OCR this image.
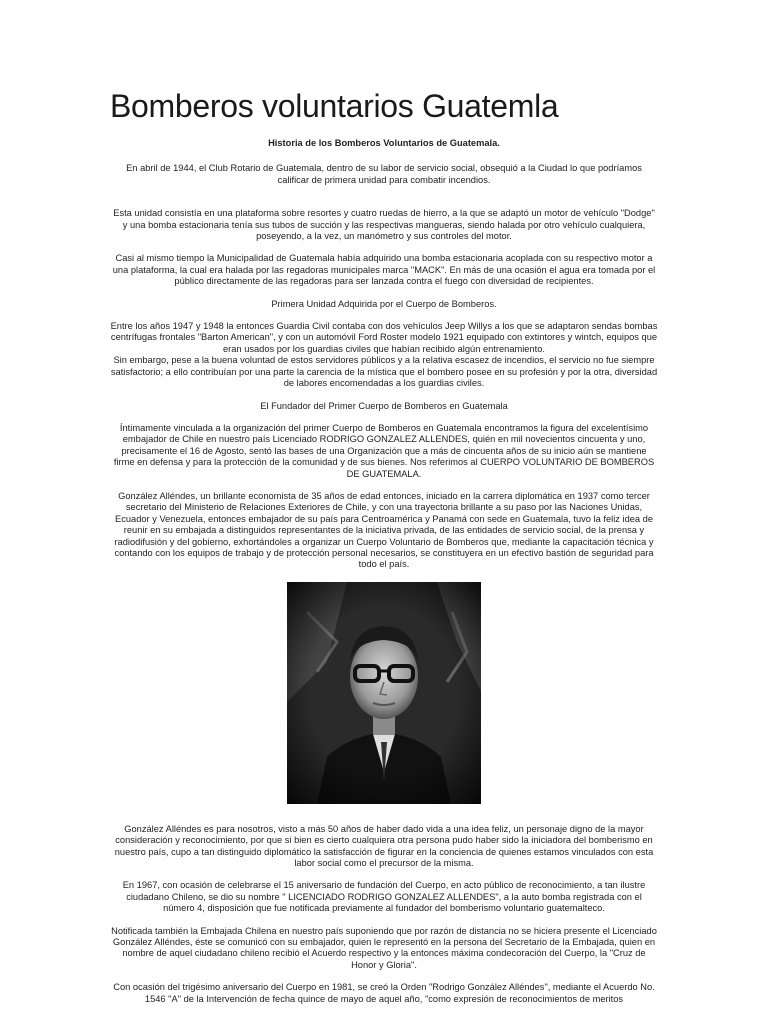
Bomberos voluntarios Guatemla

Historia de los Bomberos Voluntarios de Guatemala.

En abril de 1944, el Club Rotario de Guatemala, dentro de su labor de servicio social, obsequió a la Ciudad lo que podríamos calificar de primera unidad para combatir incendios.

Esta unidad consistía en una plataforma sobre resortes y cuatro ruedas de hierro, a la que se adaptó un motor de vehículo "Dodge" y una bomba estacionaria tenía sus tubos de succión y las respectivas mangueras, siendo halada por otro vehículo cualquiera, poseyendo, a la vez, un manómetro y sus controles del motor.

Casi al mismo tiempo la Municipalidad de Guatemala había adquirido una bomba estacionaria acoplada con su respectivo motor a una plataforma, la cual era halada por las regadoras municipales marca "MACK". En más de una ocasión el agua era tomada por el público directamente de las regadoras para ser lanzada contra el fuego con diversidad de recipientes.

Primera Unidad Adquirida por el Cuerpo de Bomberos.

Entre los años 1947 y 1948 la entonces Guardia Civil contaba con dos vehículos Jeep Willys a los que se adaptaron sendas bombas centrífugas frontales "Barton American", y con un automóvil Ford Roster modelo 1921 equipado con extintores y wintch, equipos que eran usados por los guardias civiles que habían recibido algún entrenamiento.

Sin embargo, pese a la buena voluntad de estos servidores públicos y a la relativa escasez de incendios, el servicio no fue siempre satisfactorio; a ello contribuían por una parte la carencia de la mística que el bombero posee en su profesión y por la otra, diversidad de labores encomendadas a los guardias civiles.

El Fundador del Primer Cuerpo de Bomberos en Guatemala

Íntimamente vinculada a la organización del primer Cuerpo de Bomberos en Guatemala encontramos la figura del excelentísimo embajador de Chile en nuestro país Licenciado RODRIGO GONZALEZ ALLENDES, quién en mil novecientos cincuenta y uno, precisamente el 16 de Agosto, sentó las bases de una Organización que a más de cincuenta años de su inicio aún se mantiene firme en defensa y para la protección de la comunidad y de sus bienes. Nos referimos al CUERPO VOLUNTARIO DE BOMBEROS DE GUATEMALA.

González Alléndes, un brillante economista de 35 años de edad entonces, iniciado en la carrera diplomática en 1937 como tercer secretario del Ministerio de Relaciones Exteriores de Chile, y con una trayectoria brillante a su paso por las Naciones Unidas, Ecuador y Venezuela, entonces embajador de su país para Centroamérica y Panamá con sede en Guatemala, tuvo la feliz idea de reunir en su embajada a distinguidos representantes de la iniciativa privada, de las entidades de servicio social, de la prensa y radiodifusión y del gobierno, exhortándoles a organizar un Cuerpo Voluntario de Bomberos que, mediante la capacitación técnica y contando con los equipos de trabajo y de protección personal necesarios, se constituyera en un efectivo bastión de seguridad para todo el país.

González Alléndes es para nosotros, visto a más 50 años de haber dado vida a una idea feliz, un personaje digno de la mayor consideración y reconocimiento, por que si bien es cierto cualquiera otra persona pudo haber sido la iniciadora del bomberismo en nuestro país, cupo a tan distinguido diplomático la satisfacción de figurar en la conciencia de quienes estamos vinculados con esta labor social como el precursor de la misma.

En 1967, con ocasión de celebrarse el 15 aniversario de fundación del Cuerpo, en acto público de reconocimiento, a tan ilustre ciudadano Chileno, se dio su nombre " LICENCIADO RODRIGO GONZALEZ ALLENDES", a la auto bomba registrada con el número 4, disposición que fue notificada previamente al fundador del bomberismo voluntario guatemalteco.

Notificada también la Embajada Chilena en nuestro país suponiendo que por razón de distancia no se hiciera presente el Licenciado González Alléndes, éste se comunicó con su embajador, quien le representó en la persona del Secretario de la Embajada, quien en nombre de aquel ciudadano chileno recibió el Acuerdo respectivo y la entonces máxima condecoración del Cuerpo, la "Cruz de Honor y Gloria".

Con ocasión del trigésimo aniversario del Cuerpo en 1981, se creó la Orden "Rodrigo González Alléndes", mediante el Acuerdo No. 1546 "A" de la Intervención de fecha quince de mayo de aquel año, "como expresión de reconocimientos de meritos
